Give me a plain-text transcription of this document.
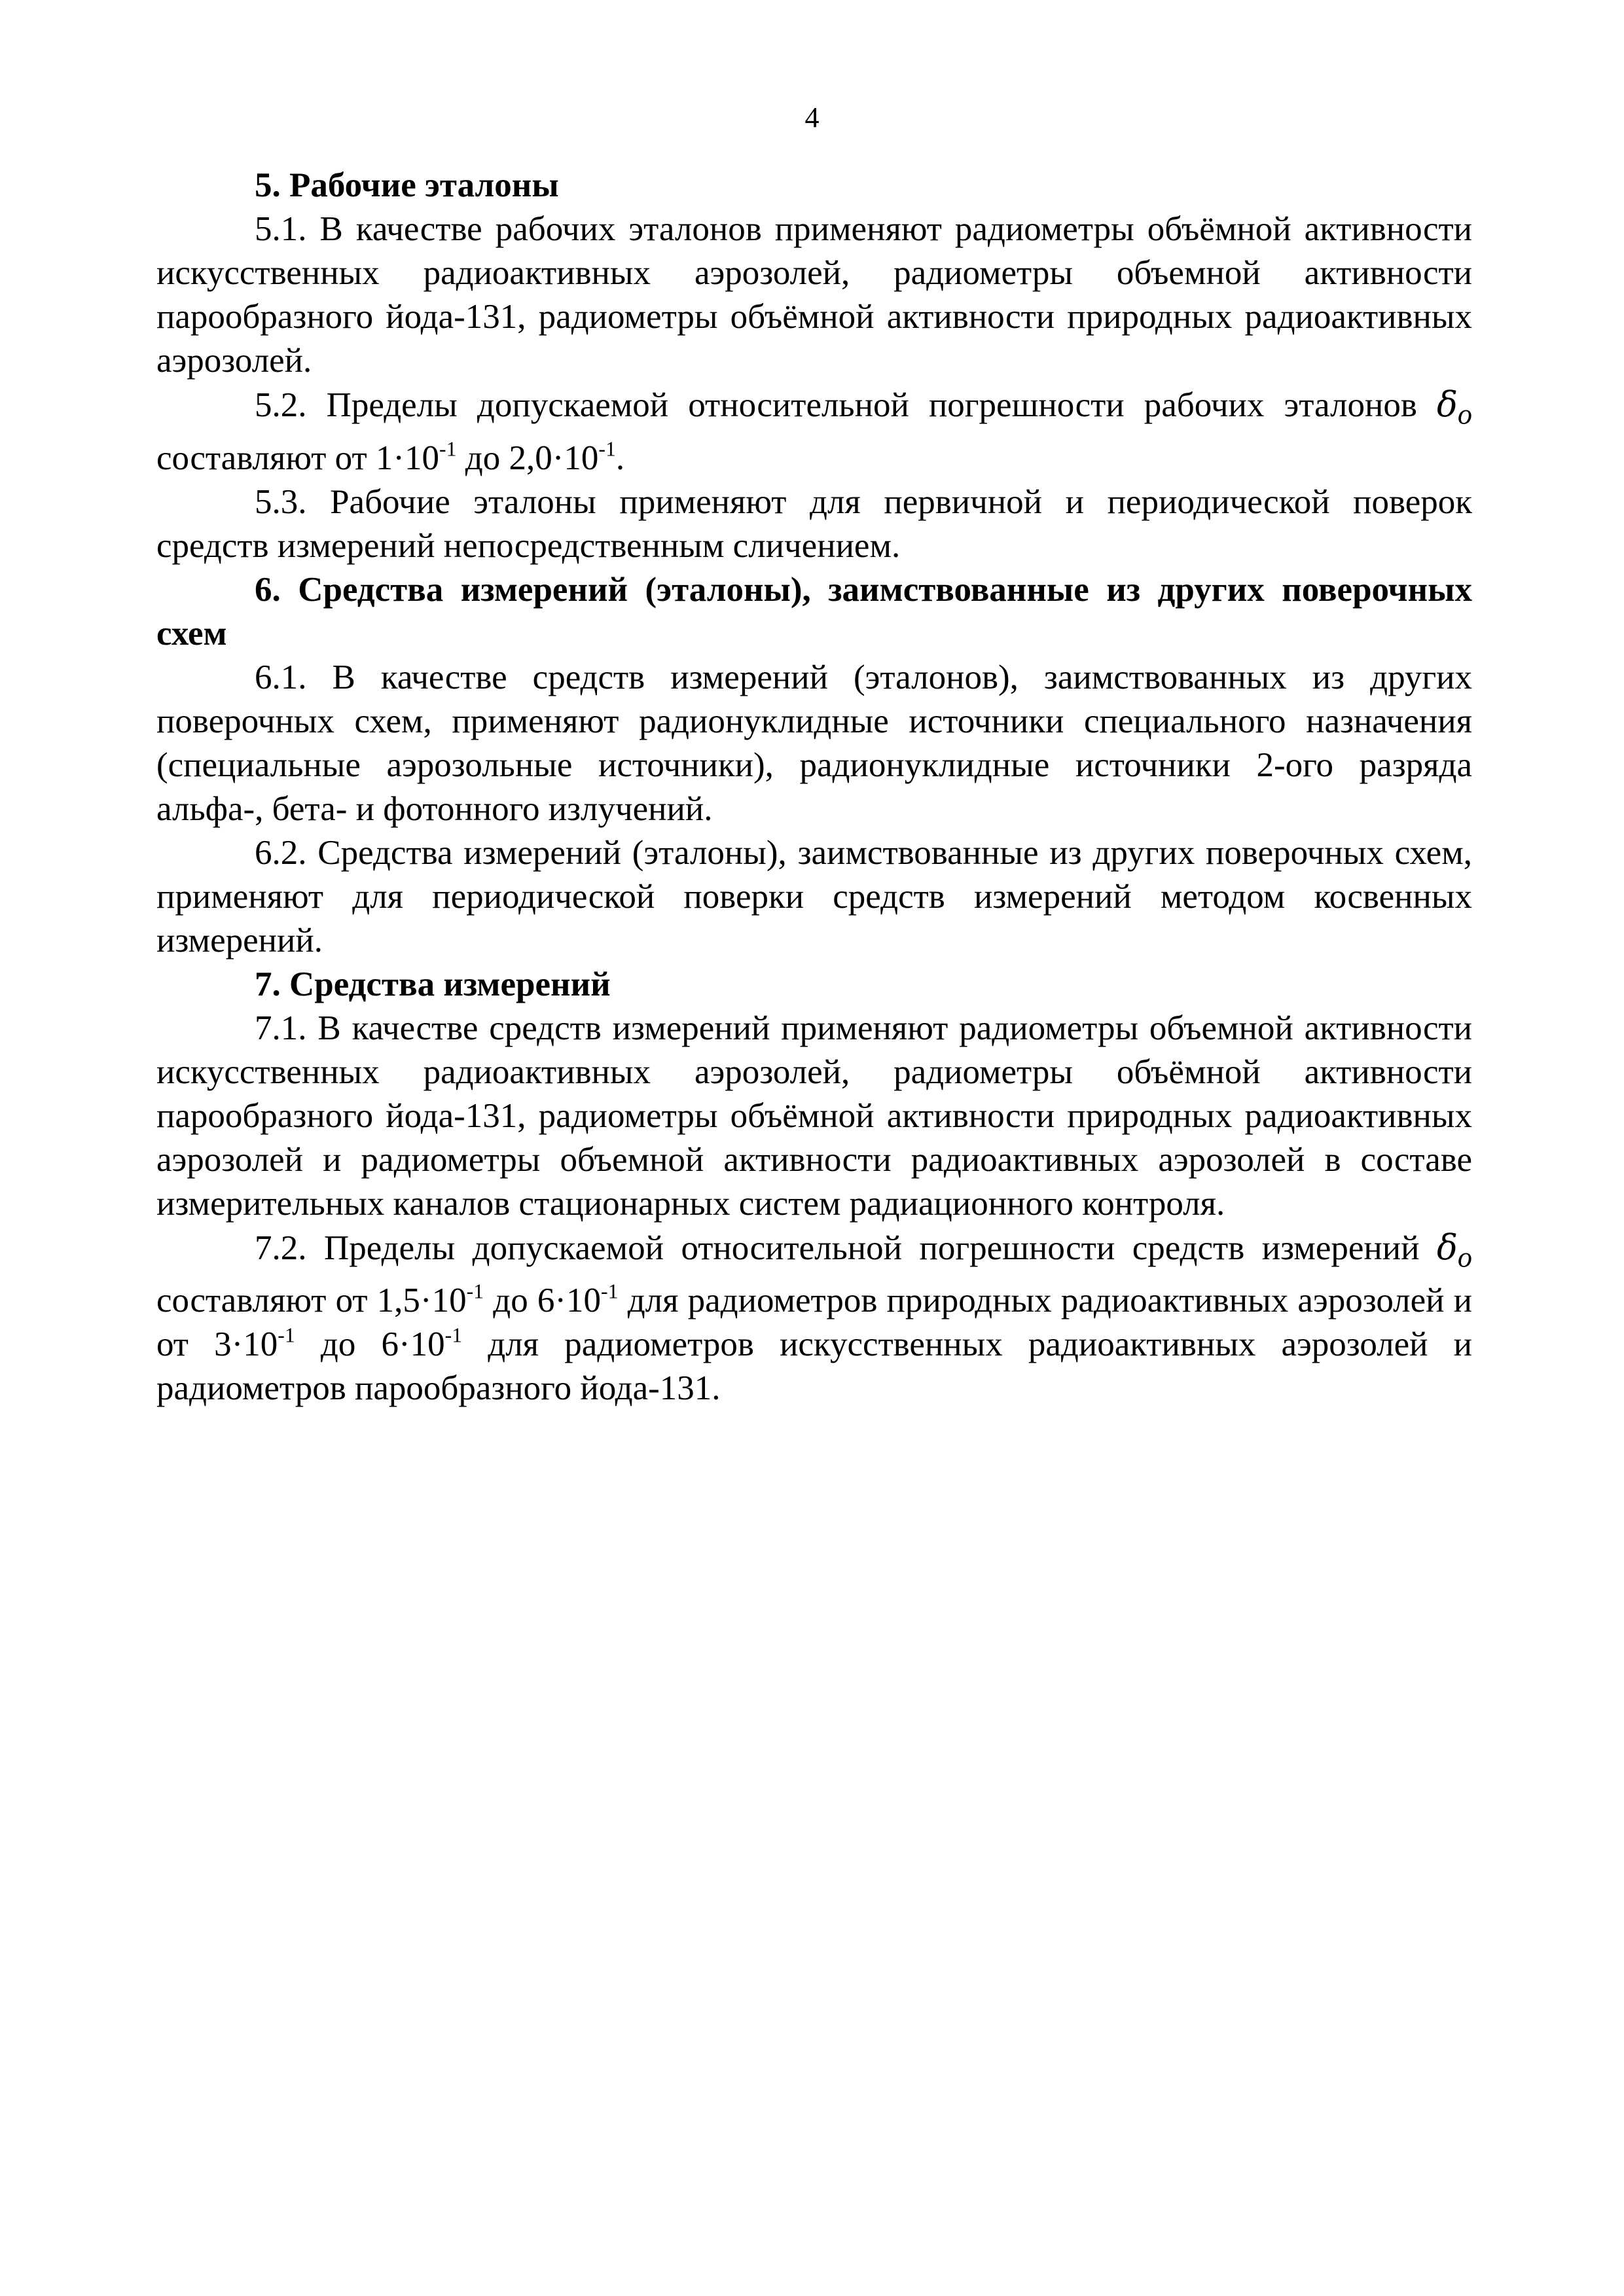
4

5. Рабочие эталоны

5.1. В качестве рабочих эталонов применяют радиометры объёмной активности искусственных радиоактивных аэрозолей, радиометры объемной активности парообразного йода-131, радиометры объёмной активности природных радиоактивных аэрозолей.

5.2. Пределы допускаемой относительной погрешности рабочих эталонов $\delta_о$ составляют от $1\cdot 10^{-1}$ до $2,0\cdot 10^{-1}$.

5.3. Рабочие эталоны применяют для первичной и периодической поверок средств измерений непосредственным сличением.

6. Средства измерений (эталоны), заимствованные из других поверочных схем

6.1. В качестве средств измерений (эталонов), заимствованных из других поверочных схем, применяют радионуклидные источники специального назначения (специальные аэрозольные источники), радионуклидные источники 2-ого разряда альфа-, бета- и фотонного излучений.

6.2. Средства измерений (эталоны), заимствованные из других поверочных схем, применяют для периодической поверки средств измерений методом косвенных измерений.

7. Средства измерений

7.1. В качестве средств измерений применяют радиометры объемной активности искусственных радиоактивных аэрозолей, радиометры объёмной активности парообразного йода-131, радиометры объёмной активности природных радиоактивных аэрозолей и радиометры объемной активности радиоактивных аэрозолей в составе измерительных каналов стационарных систем радиационного контроля.

7.2. Пределы допускаемой относительной погрешности средств измерений $\delta_о$ составляют от $1,5\cdot 10^{-1}$ до $6\cdot 10^{-1}$ для радиометров природных радиоактивных аэрозолей и от $3\cdot 10^{-1}$ до $6\cdot 10^{-1}$ для радиометров искусственных радиоактивных аэрозолей и радиометров парообразного йода-131.
